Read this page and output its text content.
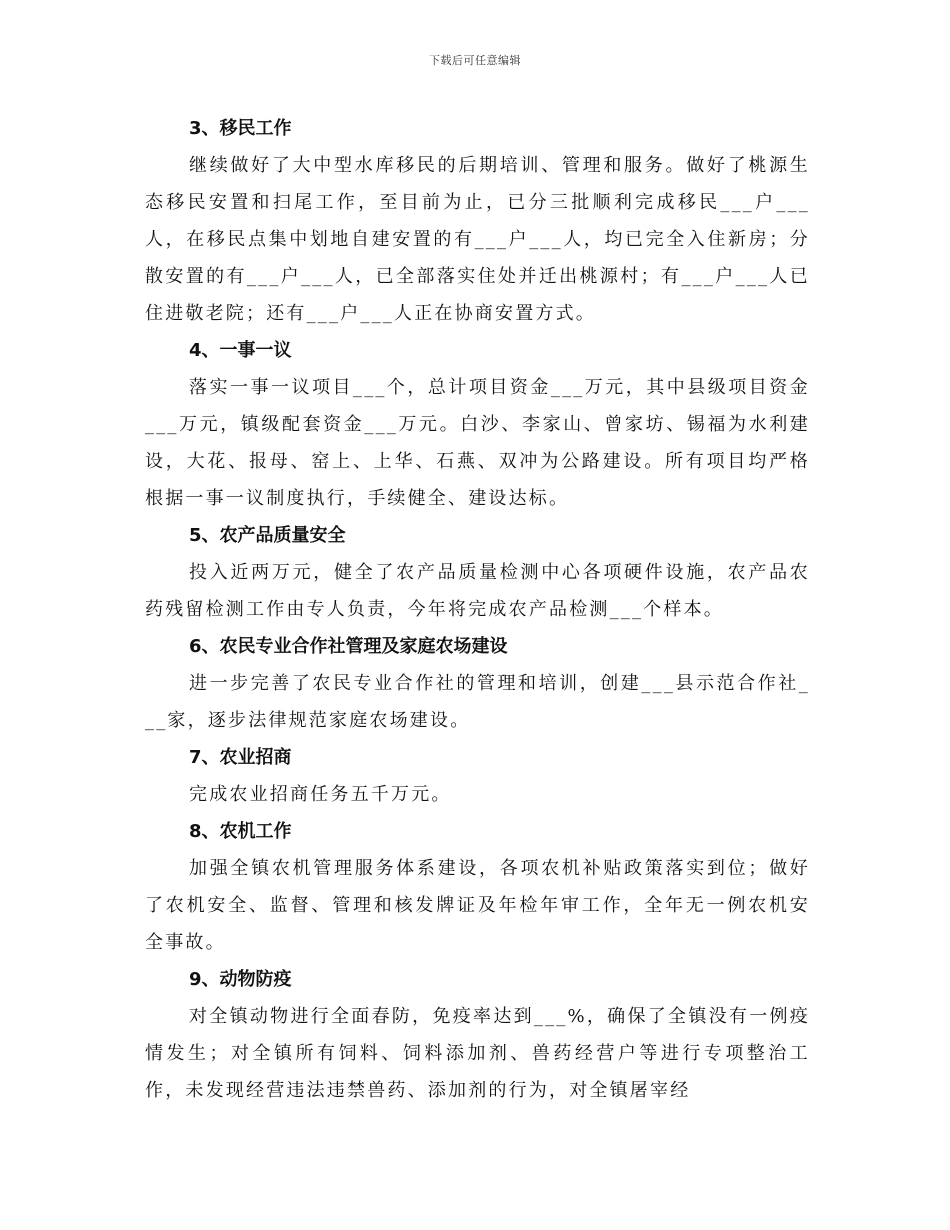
下载后可任意编辑
3、移民工作

继续做好了大中型水库移民的后期培训、管理和服务。做好了桃源生态移民安置和扫尾工作，至目前为止，已分三批顺利完成移民___户___人，在移民点集中划地自建安置的有___户___人，均已完全入住新房；分散安置的有___户___人，已全部落实住处并迁出桃源村；有___户___人已住进敬老院；还有___户___人正在协商安置方式。

4、一事一议

落实一事一议项目___个，总计项目资金___万元，其中县级项目资金___万元，镇级配套资金___万元。白沙、李家山、曾家坊、锡福为水利建设，大花、报母、窑上、上华、石燕、双冲为公路建设。所有项目均严格根据一事一议制度执行，手续健全、建设达标。

5、农产品质量安全

投入近两万元，健全了农产品质量检测中心各项硬件设施，农产品农药残留检测工作由专人负责，今年将完成农产品检测___个样本。

6、农民专业合作社管理及家庭农场建设

进一步完善了农民专业合作社的管理和培训，创建___县示范合作社___家，逐步法律规范家庭农场建设。

7、农业招商

完成农业招商任务五千万元。

8、农机工作

加强全镇农机管理服务体系建设，各项农机补贴政策落实到位；做好了农机安全、监督、管理和核发牌证及年检年审工作，全年无一例农机安全事故。

9、动物防疫

对全镇动物进行全面春防，免疫率达到___%，确保了全镇没有一例疫情发生；对全镇所有饲料、饲料添加剂、兽药经营户等进行专项整治工作，未发现经营违法违禁兽药、添加剂的行为，对全镇屠宰经
